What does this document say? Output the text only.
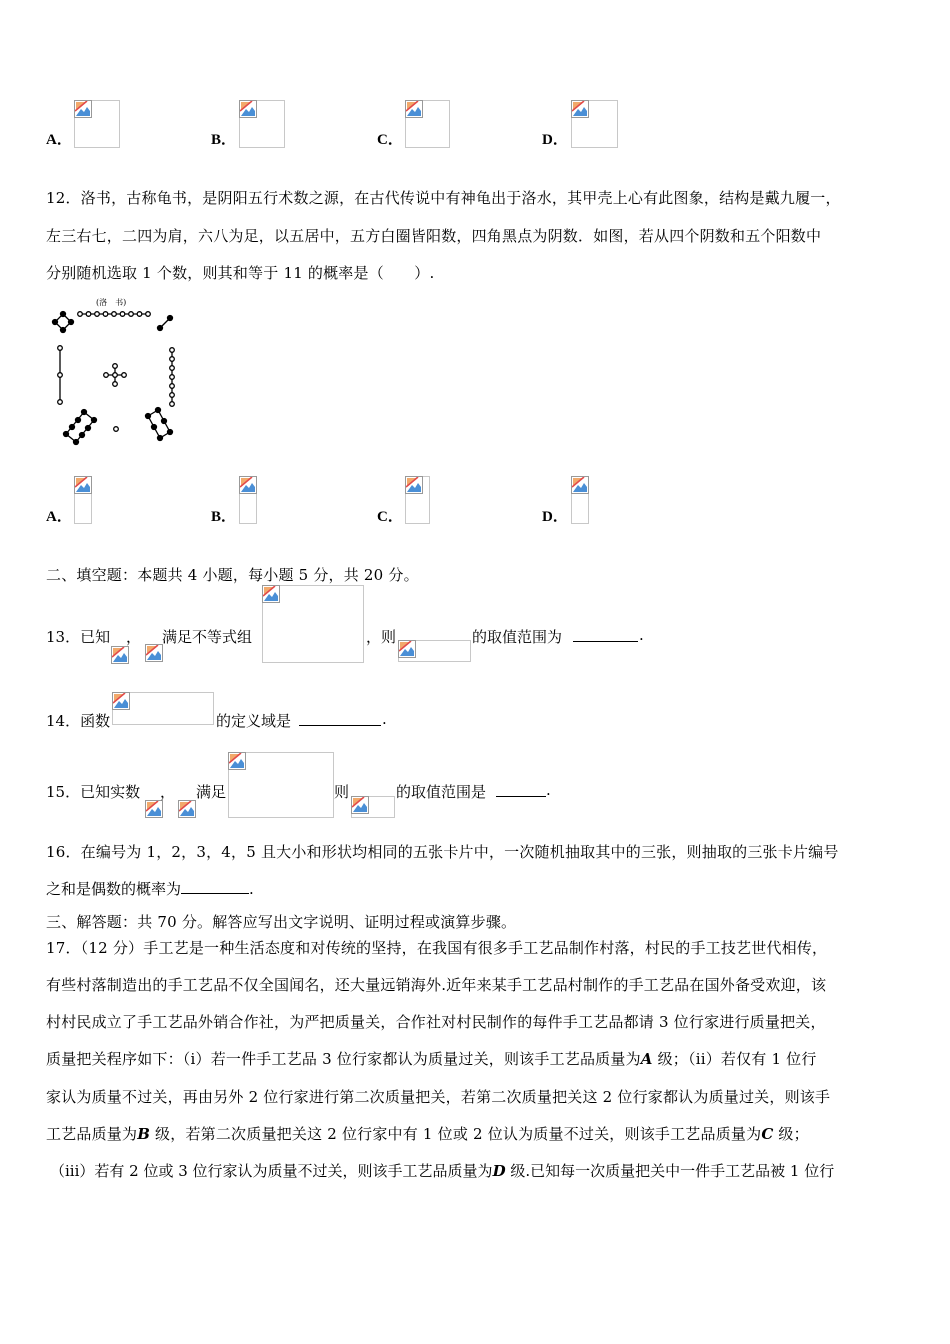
A．	B．	C．	D．
12．洛书，古称龟书，是阴阳五行术数之源，在古代传说中有神龟出于洛水，其甲壳上心有此图象，结构是戴九履一，
左三右七，二四为肩，六八为足，以五居中，五方白圈皆阳数，四角黑点为阴数．如图，若从四个阴数和五个阳数中
分别随机选取 1 个数，则其和等于 11 的概率是（　　）.
(洛　书)
A．	B．	C．	D．
二、填空题：本题共 4 小题，每小题 5 分，共 20 分。
13．已知 ， 满足不等式组	，则	的取值范围为	.
14．函数	的定义域是	.
15．已知实数 ， 满足	则	的取值范围是	.
16．在编号为 1，2，3，4，5 且大小和形状均相同的五张卡片中，一次随机抽取其中的三张，则抽取的三张卡片编号
之和是偶数的概率为	.
三、解答题：共 70 分。解答应写出文字说明、证明过程或演算步骤。
17．（12 分）手工艺是一种生活态度和对传统的坚持，在我国有很多手工艺品制作村落，村民的手工技艺世代相传，
有些村落制造出的手工艺品不仅全国闻名，还大量远销海外.近年来某手工艺品村制作的手工艺品在国外备受欢迎，该
村村民成立了手工艺品外销合作社，为严把质量关，合作社对村民制作的每件手工艺品都请 3 位行家进行质量把关，
质量把关程序如下：（i）若一件手工艺品 3 位行家都认为质量过关，则该手工艺品质量为A 级；（ii）若仅有 1 位行
家认为质量不过关，再由另外 2 位行家进行第二次质量把关，若第二次质量把关这 2 位行家都认为质量过关，则该手
工艺品质量为B 级，若第二次质量把关这 2 位行家中有 1 位或 2 位认为质量不过关，则该手工艺品质量为C 级；
（iii）若有 2 位或 3 位行家认为质量不过关，则该手工艺品质量为D 级.已知每一次质量把关中一件手工艺品被 1 位行
